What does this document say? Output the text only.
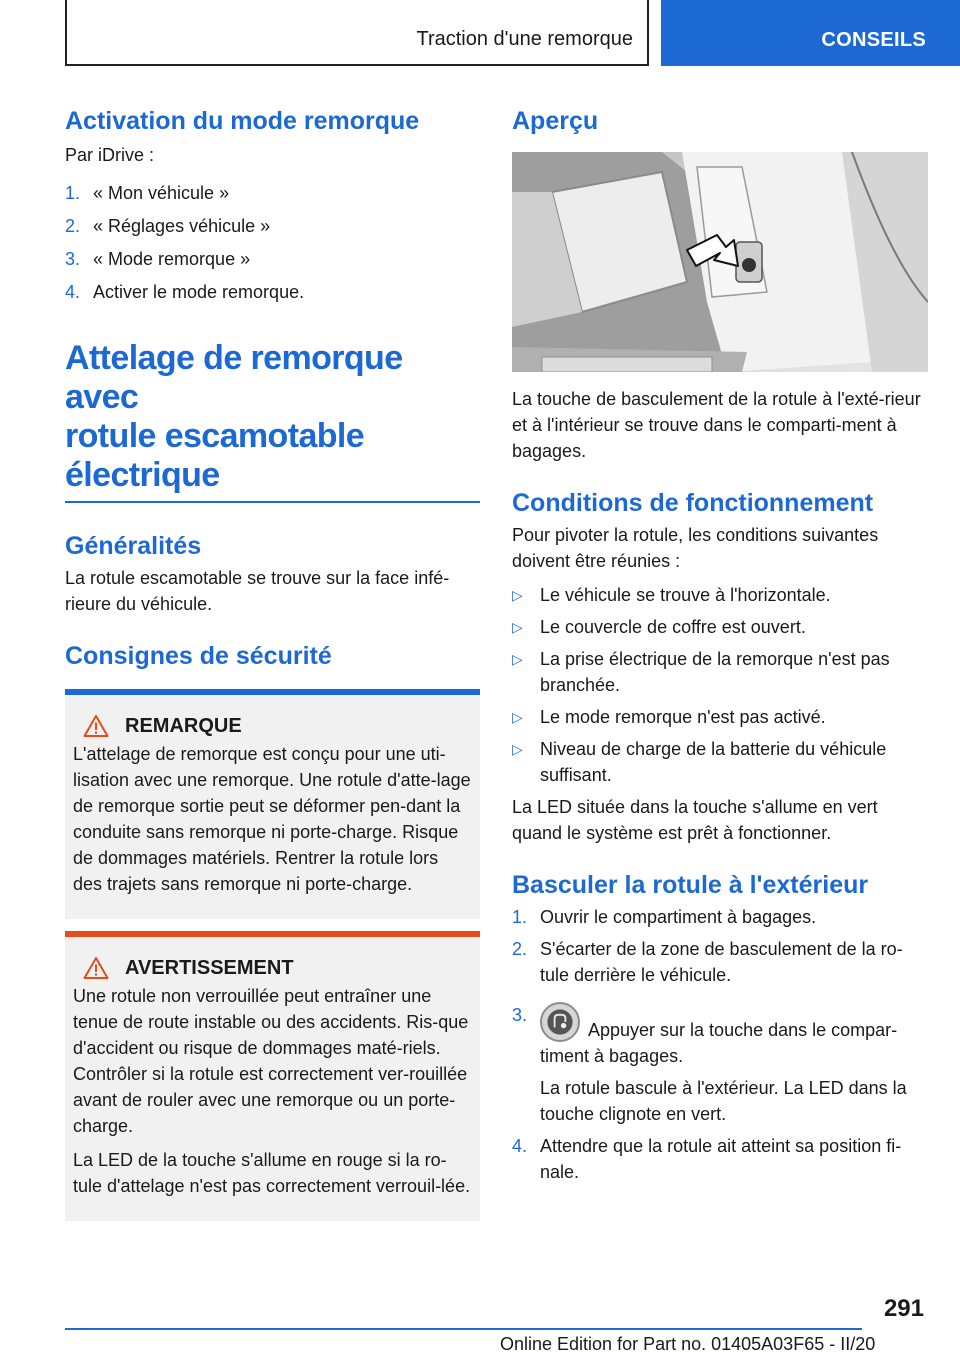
Traction d'une remorque	CONSEILS
Activation du mode remorque

Par iDrive :

1. « Mon véhicule »
2. « Réglages véhicule »
3. « Mode remorque »
4. Activer le mode remorque.
Attelage de remorque avec
rotule escamotable
électrique
Généralités

La rotule escamotable se trouve sur la face infé-rieure du véhicule.

Consignes de sécurité
REMARQUE

L'attelage de remorque est conçu pour une uti-lisation avec une remorque. Une rotule d'atte-lage de remorque sortie peut se déformer pen-dant la conduite sans remorque ni porte-charge. Risque de dommages matériels. Rentrer la rotule lors des trajets sans remorque ni porte-charge.

AVERTISSEMENT

Une rotule non verrouillée peut entraîner une tenue de route instable ou des accidents. Ris-que d'accident ou risque de dommages maté-riels. Contrôler si la rotule est correctement ver-rouillée avant de rouler avec une remorque ou un porte-charge.

La LED de la touche s'allume en rouge si la ro-tule d'attelage n'est pas correctement verrouil-lée.

Aperçu

La touche de basculement de la rotule à l'exté-rieur et à l'intérieur se trouve dans le comparti-ment à bagages.

Conditions de fonctionnement

Pour pivoter la rotule, les conditions suivantes doivent être réunies :

▷ Le véhicule se trouve à l'horizontale.
▷ Le couvercle de coffre est ouvert.
▷ La prise électrique de la remorque n'est pas branchée.
▷ Le mode remorque n'est pas activé.
▷ Niveau de charge de la batterie du véhicule suffisant.

La LED située dans la touche s'allume en vert quand le système est prêt à fonctionner.

Basculer la rotule à l'extérieur
1. Ouvrir le compartiment à bagages.
2. S'écarter de la zone de basculement de la ro-tule derrière le véhicule.
3.
Appuyer sur la touche dans le compar-timent à bagages.

La rotule bascule à l'extérieur. La LED dans la touche clignote en vert.

4. Attendre que la rotule ait atteint sa position fi-nale.
291
Online Edition for Part no. 01405A03F65 - II/20
